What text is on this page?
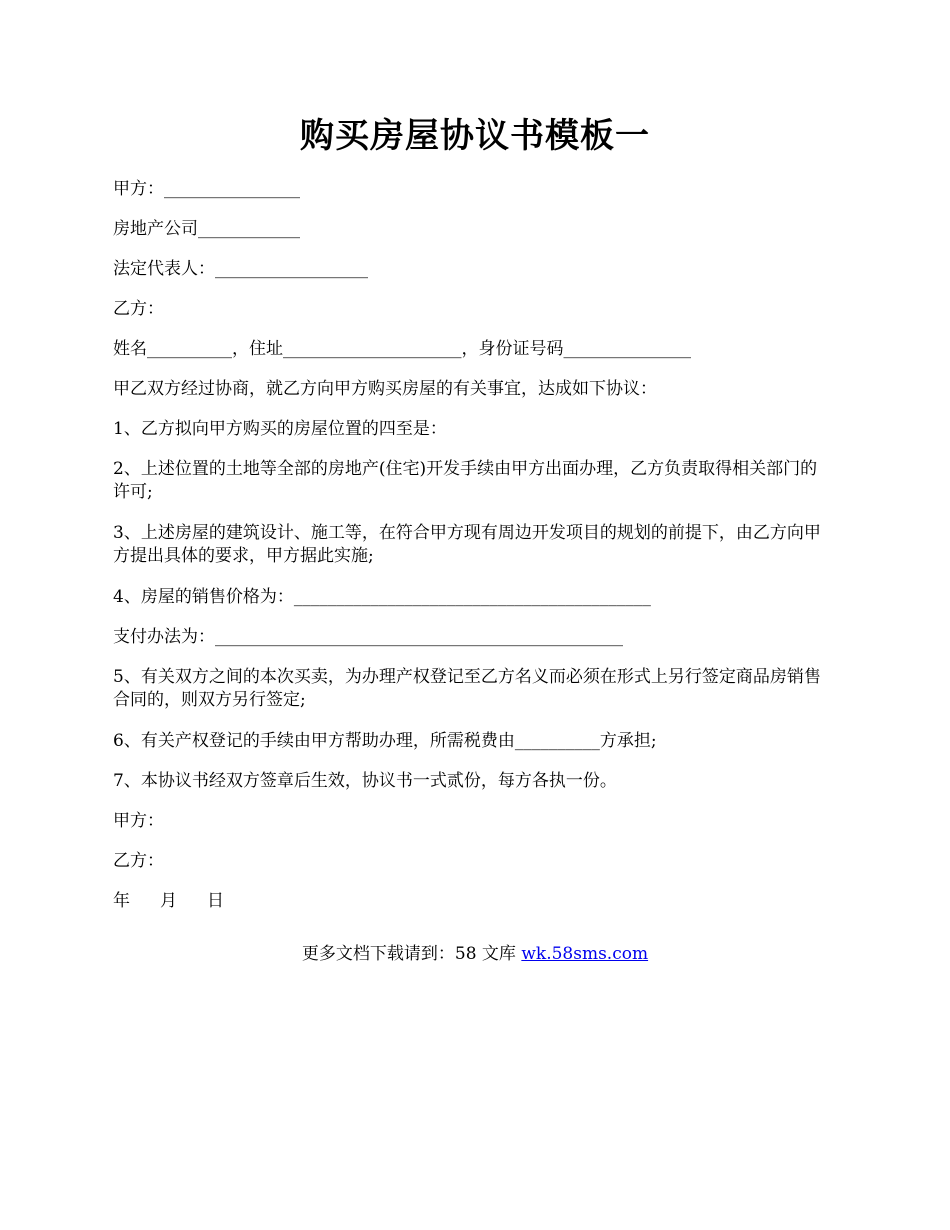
购买房屋协议书模板一

甲方：________________

房地产公司____________

法定代表人：__________________

乙方：

姓名__________，住址_____________________，身份证号码_______________

甲乙双方经过协商，就乙方向甲方购买房屋的有关事宜，达成如下协议：

1、乙方拟向甲方购买的房屋位置的四至是：

2、上述位置的土地等全部的房地产(住宅)开发手续由甲方出面办理，乙方负责取得相关部门的许可;

3、上述房屋的建筑设计、施工等，在符合甲方现有周边开发项目的规划的前提下，由乙方向甲方提出具体的要求，甲方据此实施;

4、房屋的销售价格为：__________________________________________

支付办法为：________________________________________________

5、有关双方之间的本次买卖，为办理产权登记至乙方名义而必须在形式上另行签定商品房销售合同的，则双方另行签定;

6、有关产权登记的手续由甲方帮助办理，所需税费由__________方承担;

7、本协议书经双方签章后生效，协议书一式贰份，每方各执一份。

甲方：

乙方：

年 月 日

更多文档下载请到：58 文库 wk.58sms.com
